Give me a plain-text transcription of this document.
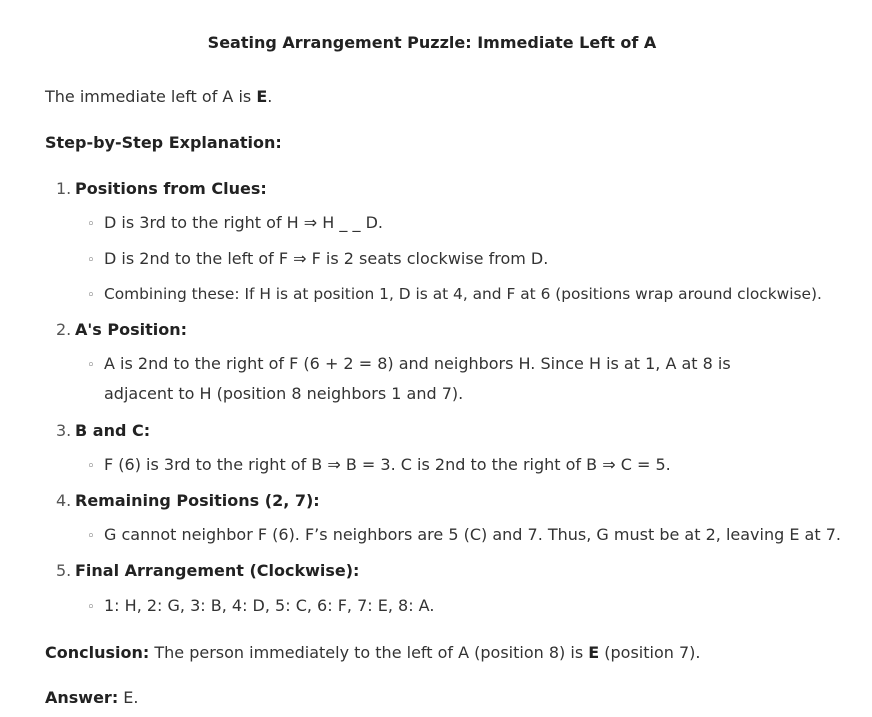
Seating Arrangement Puzzle: Immediate Left of A
The immediate left of A is E.
Step-by-Step Explanation:
1. Positions from Clues:
◦ D is 3rd to the right of H ⇒ H _ _ D.
◦ D is 2nd to the left of F ⇒ F is 2 seats clockwise from D.
◦ Combining these: If H is at position 1, D is at 4, and F at 6 (positions wrap around clockwise).
2. A's Position:
◦ A is 2nd to the right of F (6 + 2 = 8) and neighbors H. Since H is at 1, A at 8 is adjacent to H (position 8 neighbors 1 and 7).
3. B and C:
◦ F (6) is 3rd to the right of B ⇒ B = 3. C is 2nd to the right of B ⇒ C = 5.
4. Remaining Positions (2, 7):
◦ G cannot neighbor F (6). F’s neighbors are 5 (C) and 7. Thus, G must be at 2, leaving E at 7.
5. Final Arrangement (Clockwise):
◦ 1: H, 2: G, 3: B, 4: D, 5: C, 6: F, 7: E, 8: A.
Conclusion: The person immediately to the left of A (position 8) is E (position 7).
Answer: E.
